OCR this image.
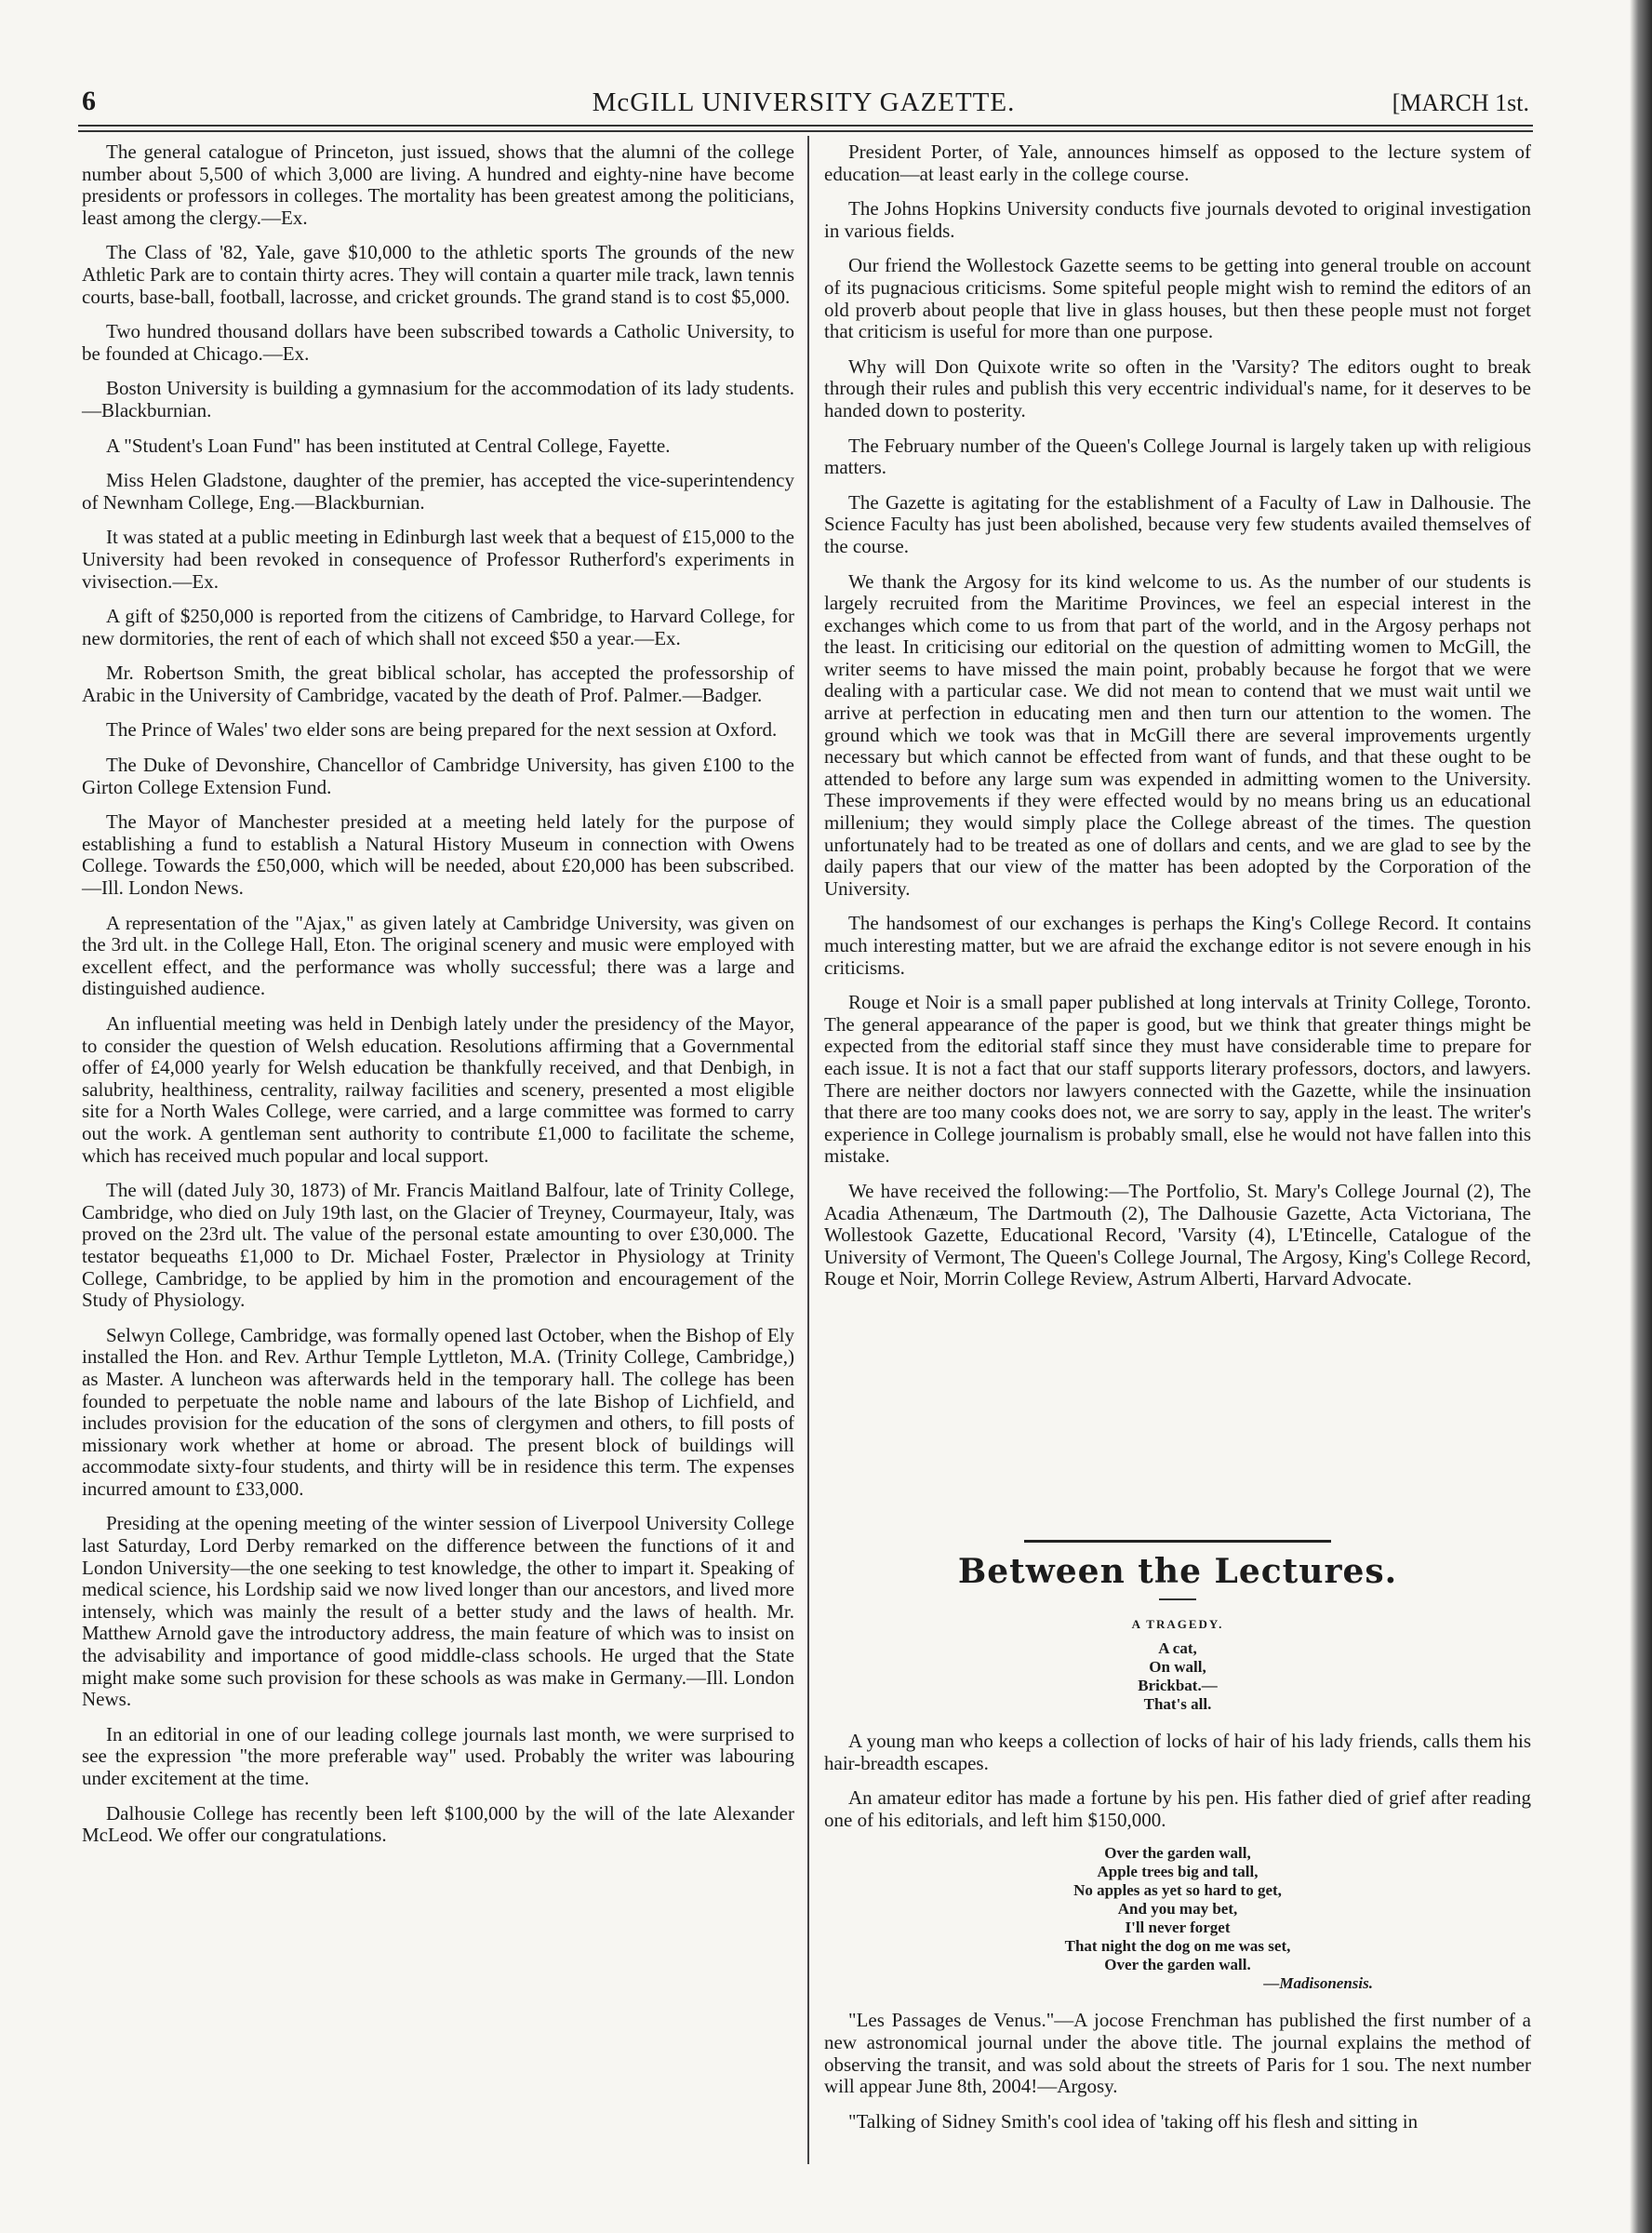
6	McGILL UNIVERSITY GAZETTE.	[MARCH 1st.

The general catalogue of Princeton, just issued, shows that the alumni of the college number about 5,500 of which 3,000 are living. A hundred and eighty-nine have become presidents or professors in colleges. The mortality has been greatest among the politicians, least among the clergy.—Ex.

The Class of '82, Yale, gave $10,000 to the athletic sports The grounds of the new Athletic Park are to contain thirty acres. They will contain a quarter mile track, lawn tennis courts, base-ball, football, lacrosse, and cricket grounds. The grand stand is to cost $5,000.

Two hundred thousand dollars have been subscribed towards a Catholic University, to be founded at Chicago.—Ex.

Boston University is building a gymnasium for the accommodation of its lady students.—Blackburnian.

A "Student's Loan Fund" has been instituted at Central College, Fayette.

Miss Helen Gladstone, daughter of the premier, has accepted the vice-superintendency of Newnham College, Eng.—Blackburnian.

It was stated at a public meeting in Edinburgh last week that a bequest of £15,000 to the University had been revoked in consequence of Professor Rutherford's experiments in vivisection.—Ex.

A gift of $250,000 is reported from the citizens of Cambridge, to Harvard College, for new dormitories, the rent of each of which shall not exceed $50 a year.—Ex.

Mr. Robertson Smith, the great biblical scholar, has accepted the professorship of Arabic in the University of Cambridge, vacated by the death of Prof. Palmer.—Badger.

The Prince of Wales' two elder sons are being prepared for the next session at Oxford.

The Duke of Devonshire, Chancellor of Cambridge University, has given £100 to the Girton College Extension Fund.

The Mayor of Manchester presided at a meeting held lately for the purpose of establishing a fund to establish a Natural History Museum in connection with Owens College. Towards the £50,000, which will be needed, about £20,000 has been subscribed.—Ill. London News.

A representation of the "Ajax," as given lately at Cambridge University, was given on the 3rd ult. in the College Hall, Eton. The original scenery and music were employed with excellent effect, and the performance was wholly successful; there was a large and distinguished audience.

An influential meeting was held in Denbigh lately under the presidency of the Mayor, to consider the question of Welsh education. Resolutions affirming that a Governmental offer of £4,000 yearly for Welsh education be thankfully received, and that Denbigh, in salubrity, healthiness, centrality, railway facilities and scenery, presented a most eligible site for a North Wales College, were carried, and a large committee was formed to carry out the work. A gentleman sent authority to contribute £1,000 to facilitate the scheme, which has received much popular and local support.

The will (dated July 30, 1873) of Mr. Francis Maitland Balfour, late of Trinity College, Cambridge, who died on July 19th last, on the Glacier of Treyney, Courmayeur, Italy, was proved on the 23rd ult. The value of the personal estate amounting to over £30,000. The testator bequeaths £1,000 to Dr. Michael Foster, Prælector in Physiology at Trinity College, Cambridge, to be applied by him in the promotion and encouragement of the Study of Physiology.

Selwyn College, Cambridge, was formally opened last October, when the Bishop of Ely installed the Hon. and Rev. Arthur Temple Lyttleton, M.A. (Trinity College, Cambridge,) as Master. A luncheon was afterwards held in the temporary hall. The college has been founded to perpetuate the noble name and labours of the late Bishop of Lichfield, and includes provision for the education of the sons of clergymen and others, to fill posts of missionary work whether at home or abroad. The present block of buildings will accommodate sixty-four students, and thirty will be in residence this term. The expenses incurred amount to £33,000.

Presiding at the opening meeting of the winter session of Liverpool University College last Saturday, Lord Derby remarked on the difference between the functions of it and London University—the one seeking to test knowledge, the other to impart it. Speaking of medical science, his Lordship said we now lived longer than our ancestors, and lived more intensely, which was mainly the result of a better study and the laws of health. Mr. Matthew Arnold gave the introductory address, the main feature of which was to insist on the advisability and importance of good middle-class schools. He urged that the State might make some such provision for these schools as was make in Germany.—Ill. London News.

In an editorial in one of our leading college journals last month, we were surprised to see the expression "the more preferable way" used. Probably the writer was labouring under excitement at the time.

Dalhousie College has recently been left $100,000 by the will of the late Alexander McLeod. We offer our congratulations.

President Porter, of Yale, announces himself as opposed to the lecture system of education—at least early in the college course.

The Johns Hopkins University conducts five journals devoted to original investigation in various fields.

Our friend the Wollestock Gazette seems to be getting into general trouble on account of its pugnacious criticisms. Some spiteful people might wish to remind the editors of an old proverb about people that live in glass houses, but then these people must not forget that criticism is useful for more than one purpose.

Why will Don Quixote write so often in the 'Varsity? The editors ought to break through their rules and publish this very eccentric individual's name, for it deserves to be handed down to posterity.

The February number of the Queen's College Journal is largely taken up with religious matters.

The Gazette is agitating for the establishment of a Faculty of Law in Dalhousie. The Science Faculty has just been abolished, because very few students availed themselves of the course.

We thank the Argosy for its kind welcome to us. As the number of our students is largely recruited from the Maritime Provinces, we feel an especial interest in the exchanges which come to us from that part of the world, and in the Argosy perhaps not the least. In criticising our editorial on the question of admitting women to McGill, the writer seems to have missed the main point, probably because he forgot that we were dealing with a particular case. We did not mean to contend that we must wait until we arrive at perfection in educating men and then turn our attention to the women. The ground which we took was that in McGill there are several improvements urgently necessary but which cannot be effected from want of funds, and that these ought to be attended to before any large sum was expended in admitting women to the University. These improvements if they were effected would by no means bring us an educational millenium; they would simply place the College abreast of the times. The question unfortunately had to be treated as one of dollars and cents, and we are glad to see by the daily papers that our view of the matter has been adopted by the Corporation of the University.

The handsomest of our exchanges is perhaps the King's College Record. It contains much interesting matter, but we are afraid the exchange editor is not severe enough in his criticisms.

Rouge et Noir is a small paper published at long intervals at Trinity College, Toronto. The general appearance of the paper is good, but we think that greater things might be expected from the editorial staff since they must have considerable time to prepare for each issue. It is not a fact that our staff supports literary professors, doctors, and lawyers. There are neither doctors nor lawyers connected with the Gazette, while the insinuation that there are too many cooks does not, we are sorry to say, apply in the least. The writer's experience in College journalism is probably small, else he would not have fallen into this mistake.

We have received the following:—The Portfolio, St. Mary's College Journal (2), The Acadia Athenæum, The Dartmouth (2), The Dalhousie Gazette, Acta Victoriana, The Wollestook Gazette, Educational Record, 'Varsity (4), L'Etincelle, Catalogue of the University of Vermont, The Queen's College Journal, The Argosy, King's College Record, Rouge et Noir, Morrin College Review, Astrum Alberti, Harvard Advocate.

Between the Lectures.
A TRAGEDY.
A cat,
On wall,
Brickbat.—
That's all.

A young man who keeps a collection of locks of hair of his lady friends, calls them his hair-breadth escapes.

An amateur editor has made a fortune by his pen. His father died of grief after reading one of his editorials, and left him $150,000.

Over the garden wall,
Apple trees big and tall,
No apples as yet so hard to get,
And you may bet,
I'll never forget
That night the dog on me was set,
Over the garden wall.
—Madisonensis.

"Les Passages de Venus."—A jocose Frenchman has published the first number of a new astronomical journal under the above title. The journal explains the method of observing the transit, and was sold about the streets of Paris for 1 sou. The next number will appear June 8th, 2004!—Argosy.

"Talking of Sidney Smith's cool idea of 'taking off his flesh and sitting in
